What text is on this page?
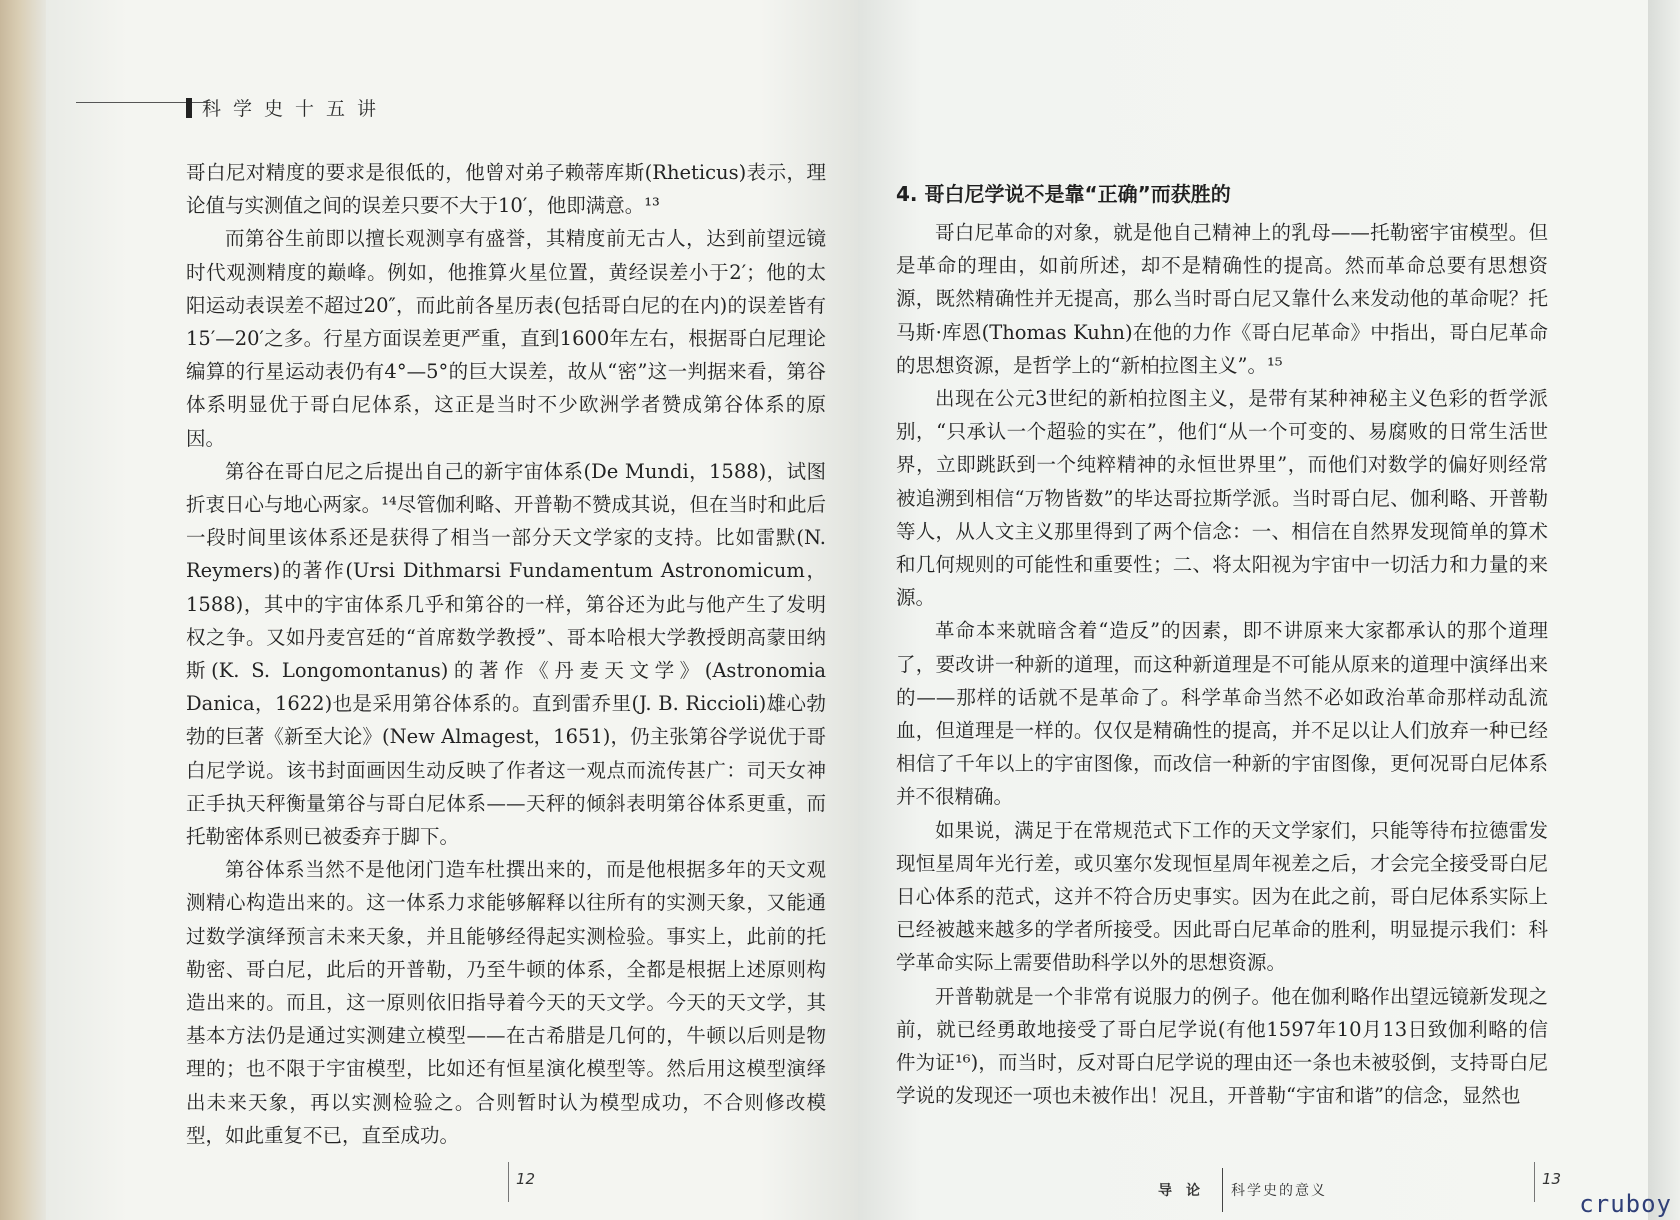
科学史十五讲

哥白尼对精度的要求是很低的，他曾对弟子赖蒂库斯(Rheticus)表示，理论值与实测值之间的误差只要不大于10′，他即满意。¹³

而第谷生前即以擅长观测享有盛誉，其精度前无古人，达到前望远镜时代观测精度的巅峰。例如，他推算火星位置，黄经误差小于2′；他的太阳运动表误差不超过20″，而此前各星历表(包括哥白尼的在内)的误差皆有15′—20′之多。行星方面误差更严重，直到1600年左右，根据哥白尼理论编算的行星运动表仍有4°—5°的巨大误差，故从“密”这一判据来看，第谷体系明显优于哥白尼体系，这正是当时不少欧洲学者赞成第谷体系的原因。

第谷在哥白尼之后提出自己的新宇宙体系(De Mundi，1588)，试图折衷日心与地心两家。¹⁴尽管伽利略、开普勒不赞成其说，但在当时和此后一段时间里该体系还是获得了相当一部分天文学家的支持。比如雷默(N. Reymers)的著作(Ursi Dithmarsi Fundamentum Astronomicum，1588)，其中的宇宙体系几乎和第谷的一样，第谷还为此与他产生了发明权之争。又如丹麦宫廷的“首席数学教授”、哥本哈根大学教授朗高蒙田纳斯(K. S. Longomontanus)的著作《丹麦天文学》(Astronomia Danica，1622)也是采用第谷体系的。直到雷乔里(J. B. Riccioli)雄心勃勃的巨著《新至大论》(New Almagest，1651)，仍主张第谷学说优于哥白尼学说。该书封面画因生动反映了作者这一观点而流传甚广：司天女神正手执天秤衡量第谷与哥白尼体系——天秤的倾斜表明第谷体系更重，而托勒密体系则已被委弃于脚下。

第谷体系当然不是他闭门造车杜撰出来的，而是他根据多年的天文观测精心构造出来的。这一体系力求能够解释以往所有的实测天象，又能通过数学演绎预言未来天象，并且能够经得起实测检验。事实上，此前的托勒密、哥白尼，此后的开普勒，乃至牛顿的体系，全都是根据上述原则构造出来的。而且，这一原则依旧指导着今天的天文学。今天的天文学，其基本方法仍是通过实测建立模型——在古希腊是几何的，牛顿以后则是物理的；也不限于宇宙模型，比如还有恒星演化模型等。然后用这模型演绎出未来天象，再以实测检验之。合则暂时认为模型成功，不合则修改模型，如此重复不已，直至成功。

12
4. 哥白尼学说不是靠“正确”而获胜的

哥白尼革命的对象，就是他自己精神上的乳母——托勒密宇宙模型。但是革命的理由，如前所述，却不是精确性的提高。然而革命总要有思想资源，既然精确性并无提高，那么当时哥白尼又靠什么来发动他的革命呢？托马斯·库恩(Thomas Kuhn)在他的力作《哥白尼革命》中指出，哥白尼革命的思想资源，是哲学上的“新柏拉图主义”。¹⁵

出现在公元3世纪的新柏拉图主义，是带有某种神秘主义色彩的哲学派别，“只承认一个超验的实在”，他们“从一个可变的、易腐败的日常生活世界，立即跳跃到一个纯粹精神的永恒世界里”，而他们对数学的偏好则经常被追溯到相信“万物皆数”的毕达哥拉斯学派。当时哥白尼、伽利略、开普勒等人，从人文主义那里得到了两个信念：一、相信在自然界发现简单的算术和几何规则的可能性和重要性；二、将太阳视为宇宙中一切活力和力量的来源。

革命本来就暗含着“造反”的因素，即不讲原来大家都承认的那个道理了，要改讲一种新的道理，而这种新道理是不可能从原来的道理中演绎出来的——那样的话就不是革命了。科学革命当然不必如政治革命那样动乱流血，但道理是一样的。仅仅是精确性的提高，并不足以让人们放弃一种已经相信了千年以上的宇宙图像，而改信一种新的宇宙图像，更何况哥白尼体系并不很精确。

如果说，满足于在常规范式下工作的天文学家们，只能等待布拉德雷发现恒星周年光行差，或贝塞尔发现恒星周年视差之后，才会完全接受哥白尼日心体系的范式，这并不符合历史事实。因为在此之前，哥白尼体系实际上已经被越来越多的学者所接受。因此哥白尼革命的胜利，明显提示我们：科学革命实际上需要借助科学以外的思想资源。

开普勒就是一个非常有说服力的例子。他在伽利略作出望远镜新发现之前，就已经勇敢地接受了哥白尼学说(有他1597年10月13日致伽利略的信件为证¹⁶)，而当时，反对哥白尼学说的理由还一条也未被驳倒，支持哥白尼学说的发现还一项也未被作出！况且，开普勒“宇宙和谐”的信念，显然也

导论 科学史的意义
13
cruboy
